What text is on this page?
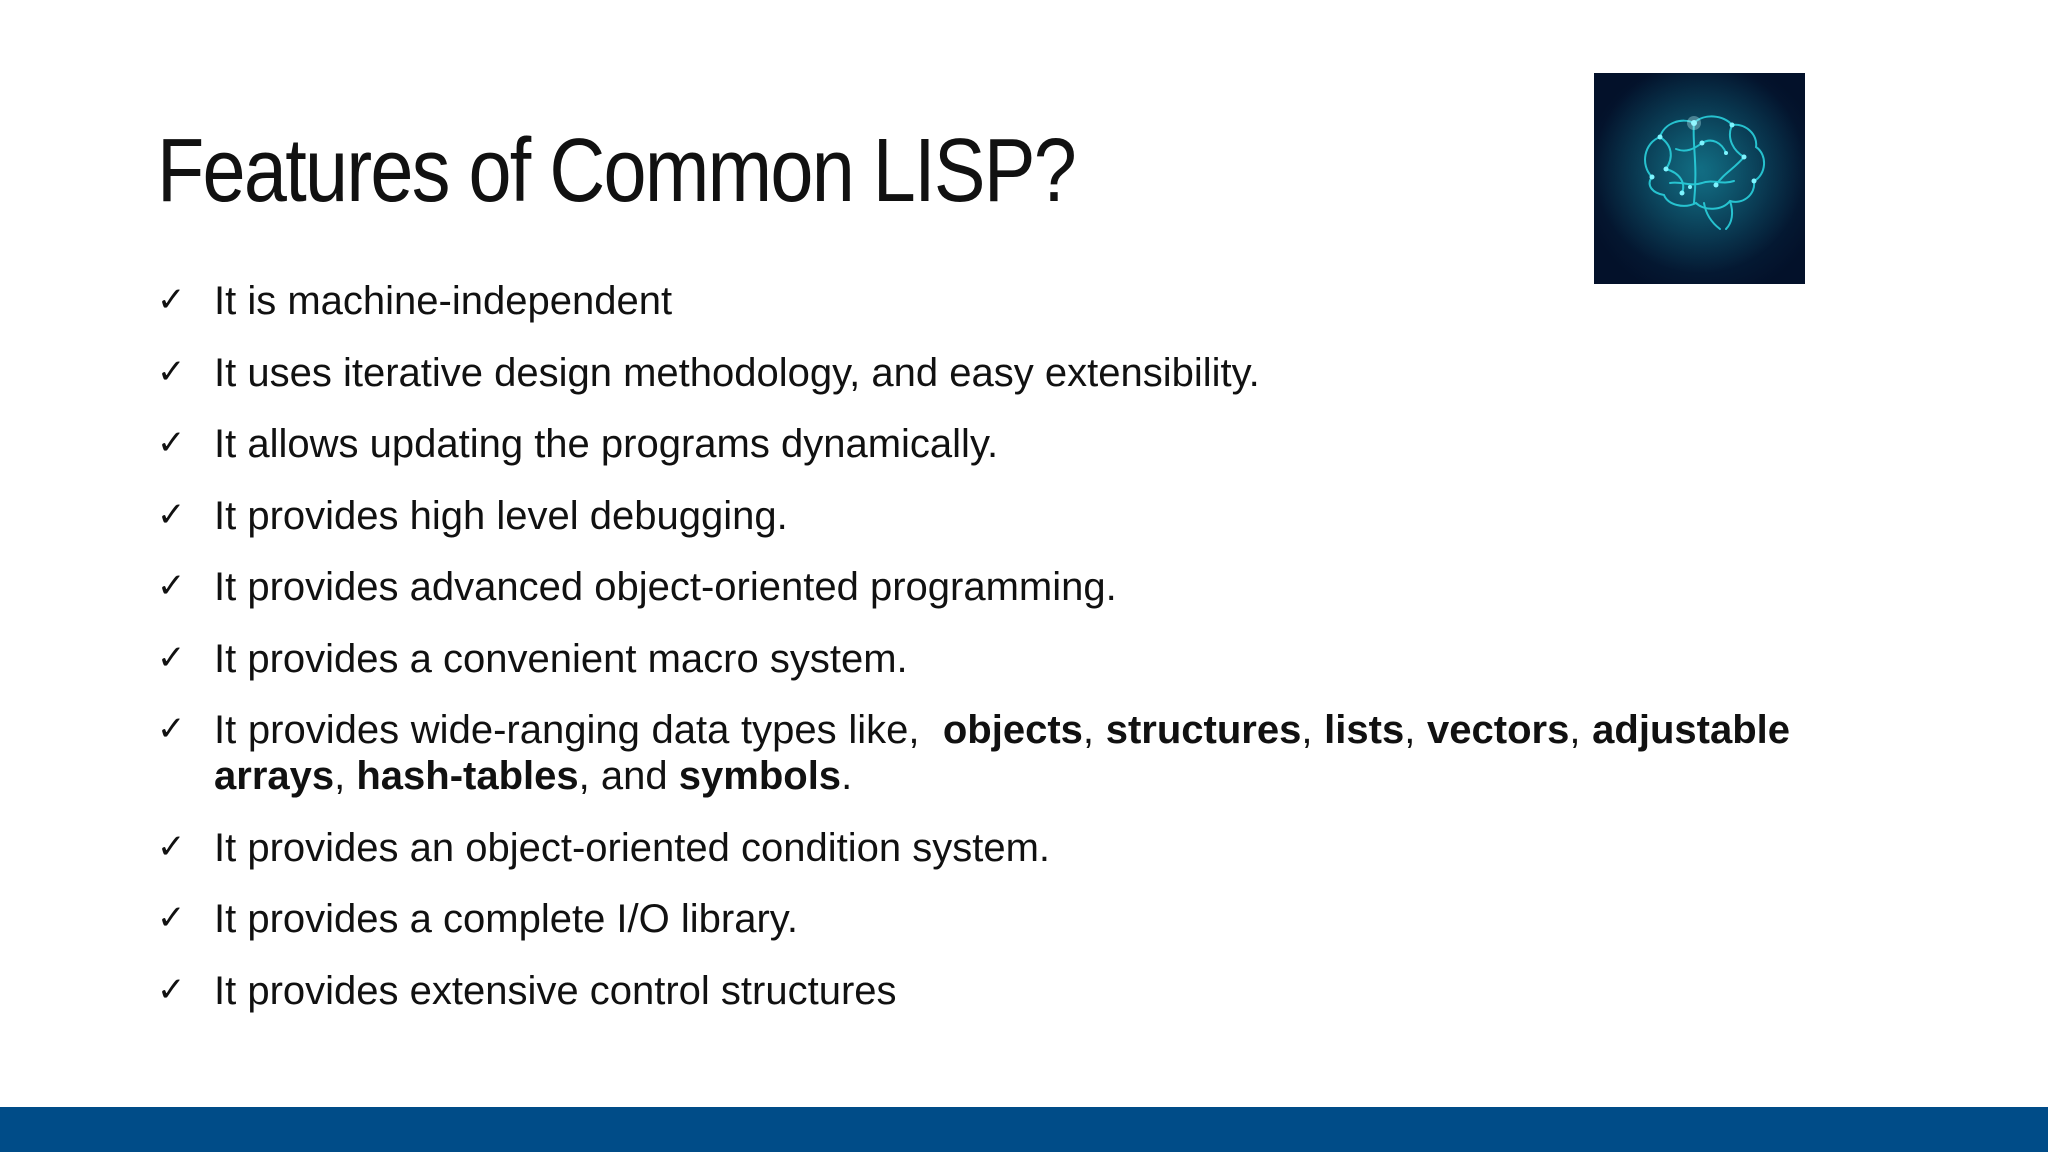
Features of Common LISP?
✓ It is machine-independent
✓ It uses iterative design methodology, and easy extensibility.
✓ It allows updating the programs dynamically.
✓ It provides high level debugging.
✓ It provides advanced object-oriented programming.
✓ It provides a convenient macro system.
✓ It provides wide-ranging data types like, objects, structures, lists, vectors, adjustable arrays, hash-tables, and symbols.
✓ It provides an object-oriented condition system.
✓ It provides a complete I/O library.
✓ It provides extensive control structures
